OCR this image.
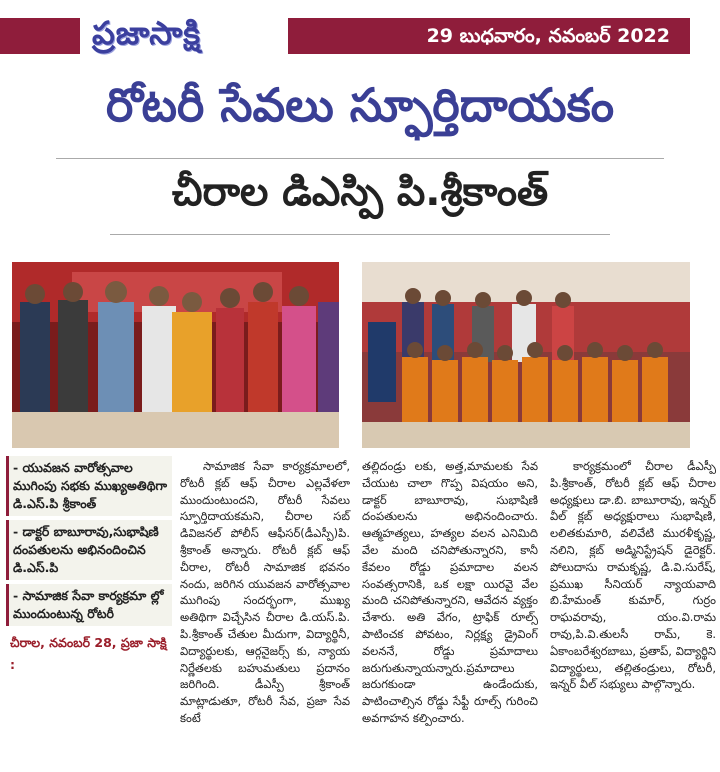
ప్రజాసాక్షి	29 బుధవారం, నవంబర్ 2022
రోటరీ సేవలు స్ఫూర్తిదాయకం
చీరాల డిఎస్పి పి.శ్రీకాంత్
- యువజన వారోత్సవాల ముగింపు సభకు ముఖ్యఅతిథిగా డి.ఎస్.పి శ్రీకాంత్
- డాక్టర్ బాబూరావు,సుభాషిణి దంపతులను అభినందించిన డి.ఎస్.పి
- సామాజిక సేవా కార్యక్రమా ల్లో ముందుంటున్న రోటరీ
చీరాల, నవంబర్ 28, ప్రజా సాక్షి :

సామాజిక సేవా కార్యక్రమాలలో, రోటరీ క్లబ్ ఆఫ్ చీరాల ఎల్లవేళలా ముందుంటుందని, రోటరీ సేవలు స్ఫూర్తిదాయకమని, చీరాల సబ్ డివిజనల్ పోలీస్ ఆఫీసర్(డీఎస్పీ)పి. శ్రీకాంత్ అన్నారు. రోటరీ క్లబ్ ఆఫ్ చీరాల, రోటరీ సామాజిక భవనం నందు, జరిగిన యువజన వారోత్సవాల ముగింపు సందర్భంగా, ముఖ్య అతిథిగా విచ్చేసిన చీరాల డి.యస్.పి. పి.శ్రీకాంత్ చేతుల మీదుగా, విద్యార్థినీ, విద్యార్థులకు, ఆర్గనైజర్స్ కు, న్యాయ నిర్ణేతలకు బహుమతులు ప్రదానం జరిగింది. డీఎస్పీ శ్రీకాంత్ మాట్లాడుతూ, రోటరీ సేవ, ప్రజా సేవ కంటే

తల్లిదండ్రు లకు, అత్త,మామలకు సేవ చేయుట చాలా గొప్ప విషయం అని, డాక్టర్ బాబూరావు, సుభాషిణి దంపతులను అభినందించారు. ఆత్మహత్యలు, హత్యల వలన ఎనిమిది వేల మంది చనిపోతున్నారని, కానీ కేవలం రోడ్డు ప్రమాదాల వలన సంవత్సరానికి, ఒక లక్షా యిరవై వేల మంది చనిపోతున్నారని, ఆవేదన వ్యక్తం చేశారు. అతి వేగం, ట్రాఫిక్ రూల్స్ పాటించక పోవటం, నిర్లక్ష్య డ్రైవింగ్ వలననే, రోడ్డు ప్రమాదాలు జరుగుతున్నాయన్నారు.ప్రమాదాలు జరుగకుండా ఉండేందుకు, పాటించాల్సిన రోడ్డు సేఫ్టీ రూల్స్ గురించి అవగాహన కల్పించారు.

కార్యక్రమంలో చీరాల డీఎస్పీ పి.శ్రీకాంత్, రోటరీ క్లబ్ ఆఫ్ చీరాల అధ్యక్షులు డా.బి. బాబూరావు, ఇన్నర్ వీల్ క్లబ్ అధ్యక్షురాలు సుభాషిణి, లలితకుమారి, వలివేటి మురళీకృష్ణ, నలిని, క్లబ్ అడ్మినిస్ట్రేషన్ డైరెక్టర్. పోలుదాసు రామకృష్ణ, డి.వి.సురేష్, ప్రముఖ సీనియర్ న్యాయవాది బి.హేమంత్ కుమార్, గుర్రం రాఘవరావు, యం.వి.రామ రావు,పి.వి.తులసీ రామ్, కె. ఏకాంబరేశ్వరబాబు, ప్రతాప్, విద్యార్థిని విద్యార్థులు, తల్లితండ్రులు, రోటరీ, ఇన్నర్ వీల్ సభ్యులు పాల్గొన్నారు.
